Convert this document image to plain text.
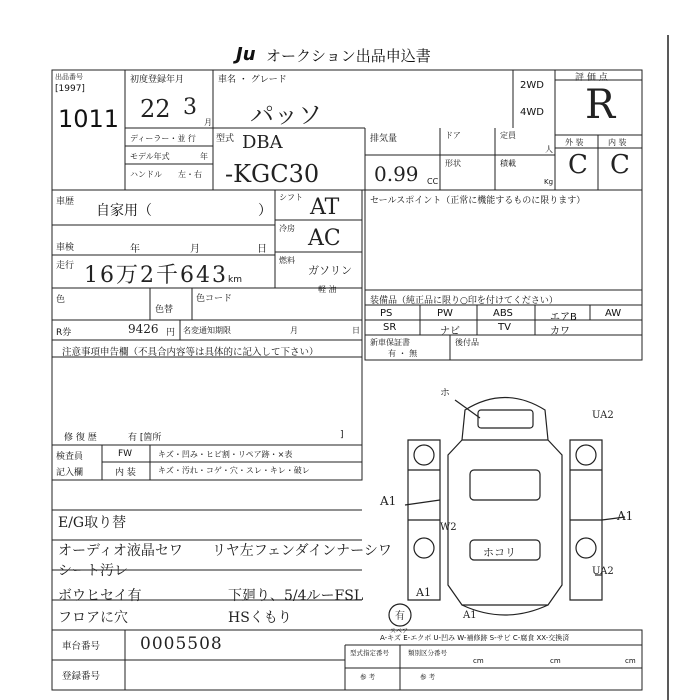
Ju オークション出品申込書
出品番号
[1997]
1011
初度登録年月
22 3
月
ディーラー・並 行
モデル年式	年
ハンドル 左・右
車名 ・ グレード
パッソ
2WD
4WD
評 価 点
R
外 装	内 装
C C
型式 DBA
-KGC30
排気量
0.99 CC
ドア	定員
人
形状	積載
Kg
車歴
自家用（	）
車検	年	月	日
走行 16万2千643 km
色
色替
色コード
シフト AT
冷房 AC
燃料
ガソリン
軽 油
R券	9426 円 名変通知期限	月	日
セールスポイント（正常に機能するものに限ります）
装備品（純正品に限り○印を付けてください）
PS	PW	ABS	エアB	AW
SR	ナビ	TV	カワ
新車保証書
有 ・ 無
後付品
注意事項申告欄（不具合内容等は具体的に記入して下さい）
修 復 歴	有 [箇所	]
検査員
記入欄
FW
内 装
キズ・凹み・ヒビ割・リペア跡・×表
キズ・汚れ・コゲ・穴・スレ・キレ・破レ
E/G取り替
オーディオ液晶セワ リヤ左フェンダインナーシワ
シート汚レ
ボウヒセイ有	下廻り、5/4ルーFSL
フロアに穴	HSくもり
ホ
UA2
A1
W2
A1
ホコリ
UA2
A1
A1
有
スペア
車台番号 0005508
登録番号
A-キズ E-エクボ U-凹み W-補修跡 S-サビ C-腐食 XX-交換済
型式指定番号	類別区分番号
参 考	参 考
cm	cm	cm
